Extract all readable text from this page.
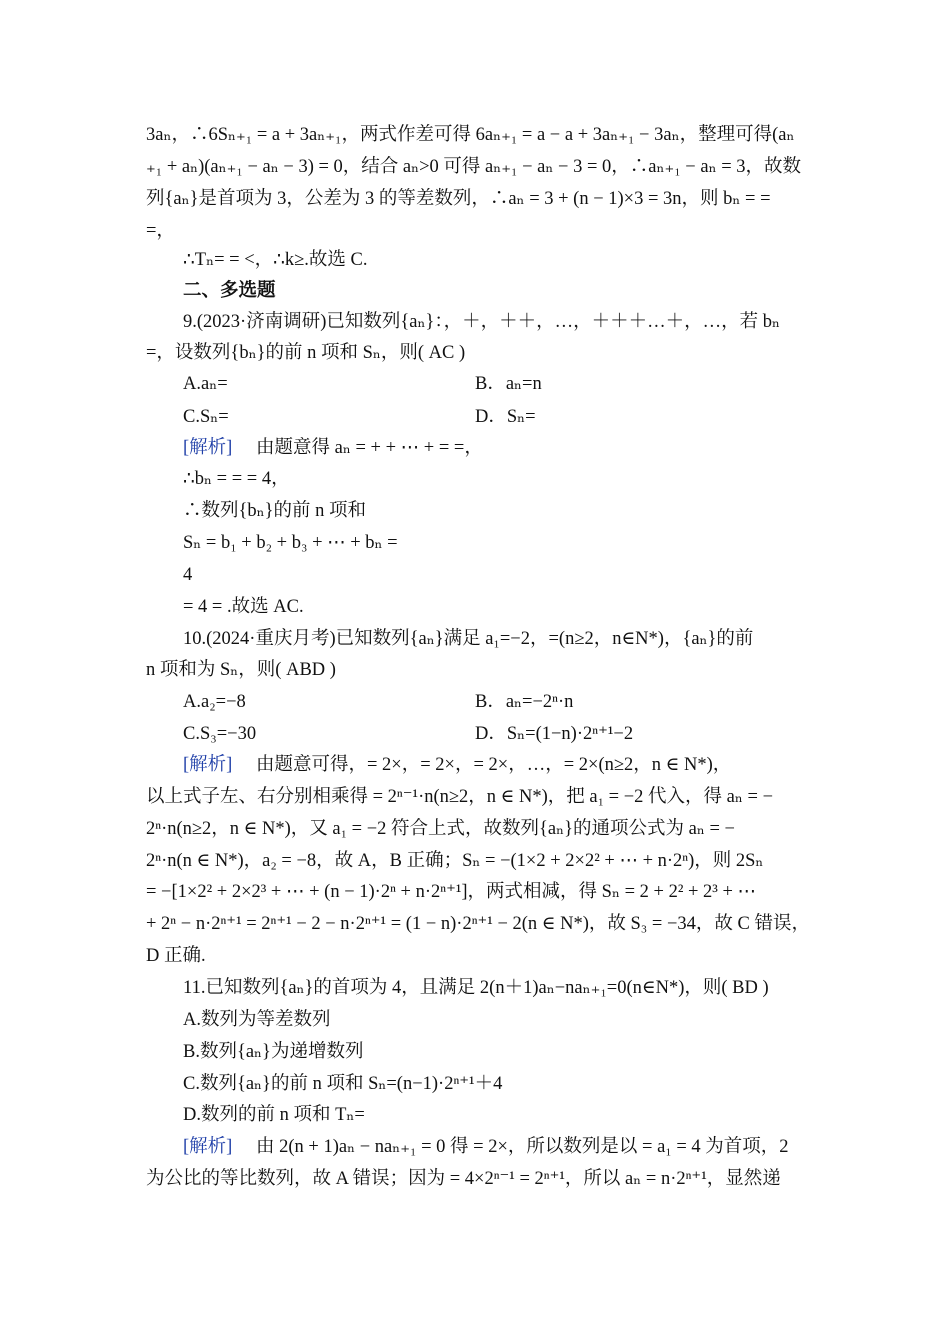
3aₙ，∴6Sₙ₊₁ = a + 3aₙ₊₁，两式作差可得 6aₙ₊₁ = a − a + 3aₙ₊₁ − 3aₙ，整理可得(aₙ
₊₁ + aₙ)(aₙ₊₁ − aₙ − 3) = 0，结合 aₙ>0 可得 aₙ₊₁ − aₙ − 3 = 0，∴aₙ₊₁ − aₙ = 3，故数
列{aₙ}是首项为 3，公差为 3 的等差数列，∴aₙ = 3 + (n − 1)×3 = 3n，则 bₙ = =
=，
∴Tₙ= = <，∴k≥.故选 C.
二、多选题
9.(2023·济南调研)已知数列{aₙ}：，＋，＋＋，…，＋＋＋…＋，…，若 bₙ
=，设数列{bₙ}的前 n 项和 Sₙ，则( AC )
A.aₙ=	B．aₙ=n
C.Sₙ=	D．Sₙ=
[解析] 由题意得 aₙ = + + ⋯ + = =，
∴bₙ = = = 4，
∴数列{bₙ}的前 n 项和
Sₙ = b₁ + b₂ + b₃ + ⋯ + bₙ =
4
= 4 = .故选 AC.
10.(2024·重庆月考)已知数列{aₙ}满足 a₁=−2，=(n≥2，n∈N*)，{aₙ}的前
n 项和为 Sₙ，则( ABD )
A.a₂=−8	B．aₙ=−2ⁿ·n
C.S₃=−30	D．Sₙ=(1−n)·2ⁿ⁺¹−2
[解析] 由题意可得，= 2×，= 2×，= 2×，…，= 2×(n≥2，n ∈ N*)，
以上式子左、右分别相乘得 = 2ⁿ⁻¹·n(n≥2，n ∈ N*)，把 a₁ = −2 代入，得 aₙ = −
2ⁿ·n(n≥2，n ∈ N*)，又 a₁ = −2 符合上式，故数列{aₙ}的通项公式为 aₙ = −
2ⁿ·n(n ∈ N*)，a₂ = −8，故 A，B 正确；Sₙ = −(1×2 + 2×2² + ⋯ + n·2ⁿ)，则 2Sₙ
= −[1×2² + 2×2³ + ⋯ + (n − 1)·2ⁿ + n·2ⁿ⁺¹]，两式相减，得 Sₙ = 2 + 2² + 2³ + ⋯
+ 2ⁿ − n·2ⁿ⁺¹ = 2ⁿ⁺¹ − 2 − n·2ⁿ⁺¹ = (1 − n)·2ⁿ⁺¹ − 2(n ∈ N*)，故 S₃ = −34，故 C 错误，
D 正确.
11.已知数列{aₙ}的首项为 4，且满足 2(n＋1)aₙ−naₙ₊₁=0(n∈N*)，则( BD )
A.数列为等差数列
B.数列{aₙ}为递增数列
C.数列{aₙ}的前 n 项和 Sₙ=(n−1)·2ⁿ⁺¹＋4
D.数列的前 n 项和 Tₙ=
[解析] 由 2(n + 1)aₙ − naₙ₊₁ = 0 得 = 2×，所以数列是以 = a₁ = 4 为首项，2
为公比的等比数列，故 A 错误；因为 = 4×2ⁿ⁻¹ = 2ⁿ⁺¹，所以 aₙ = n·2ⁿ⁺¹，显然递
